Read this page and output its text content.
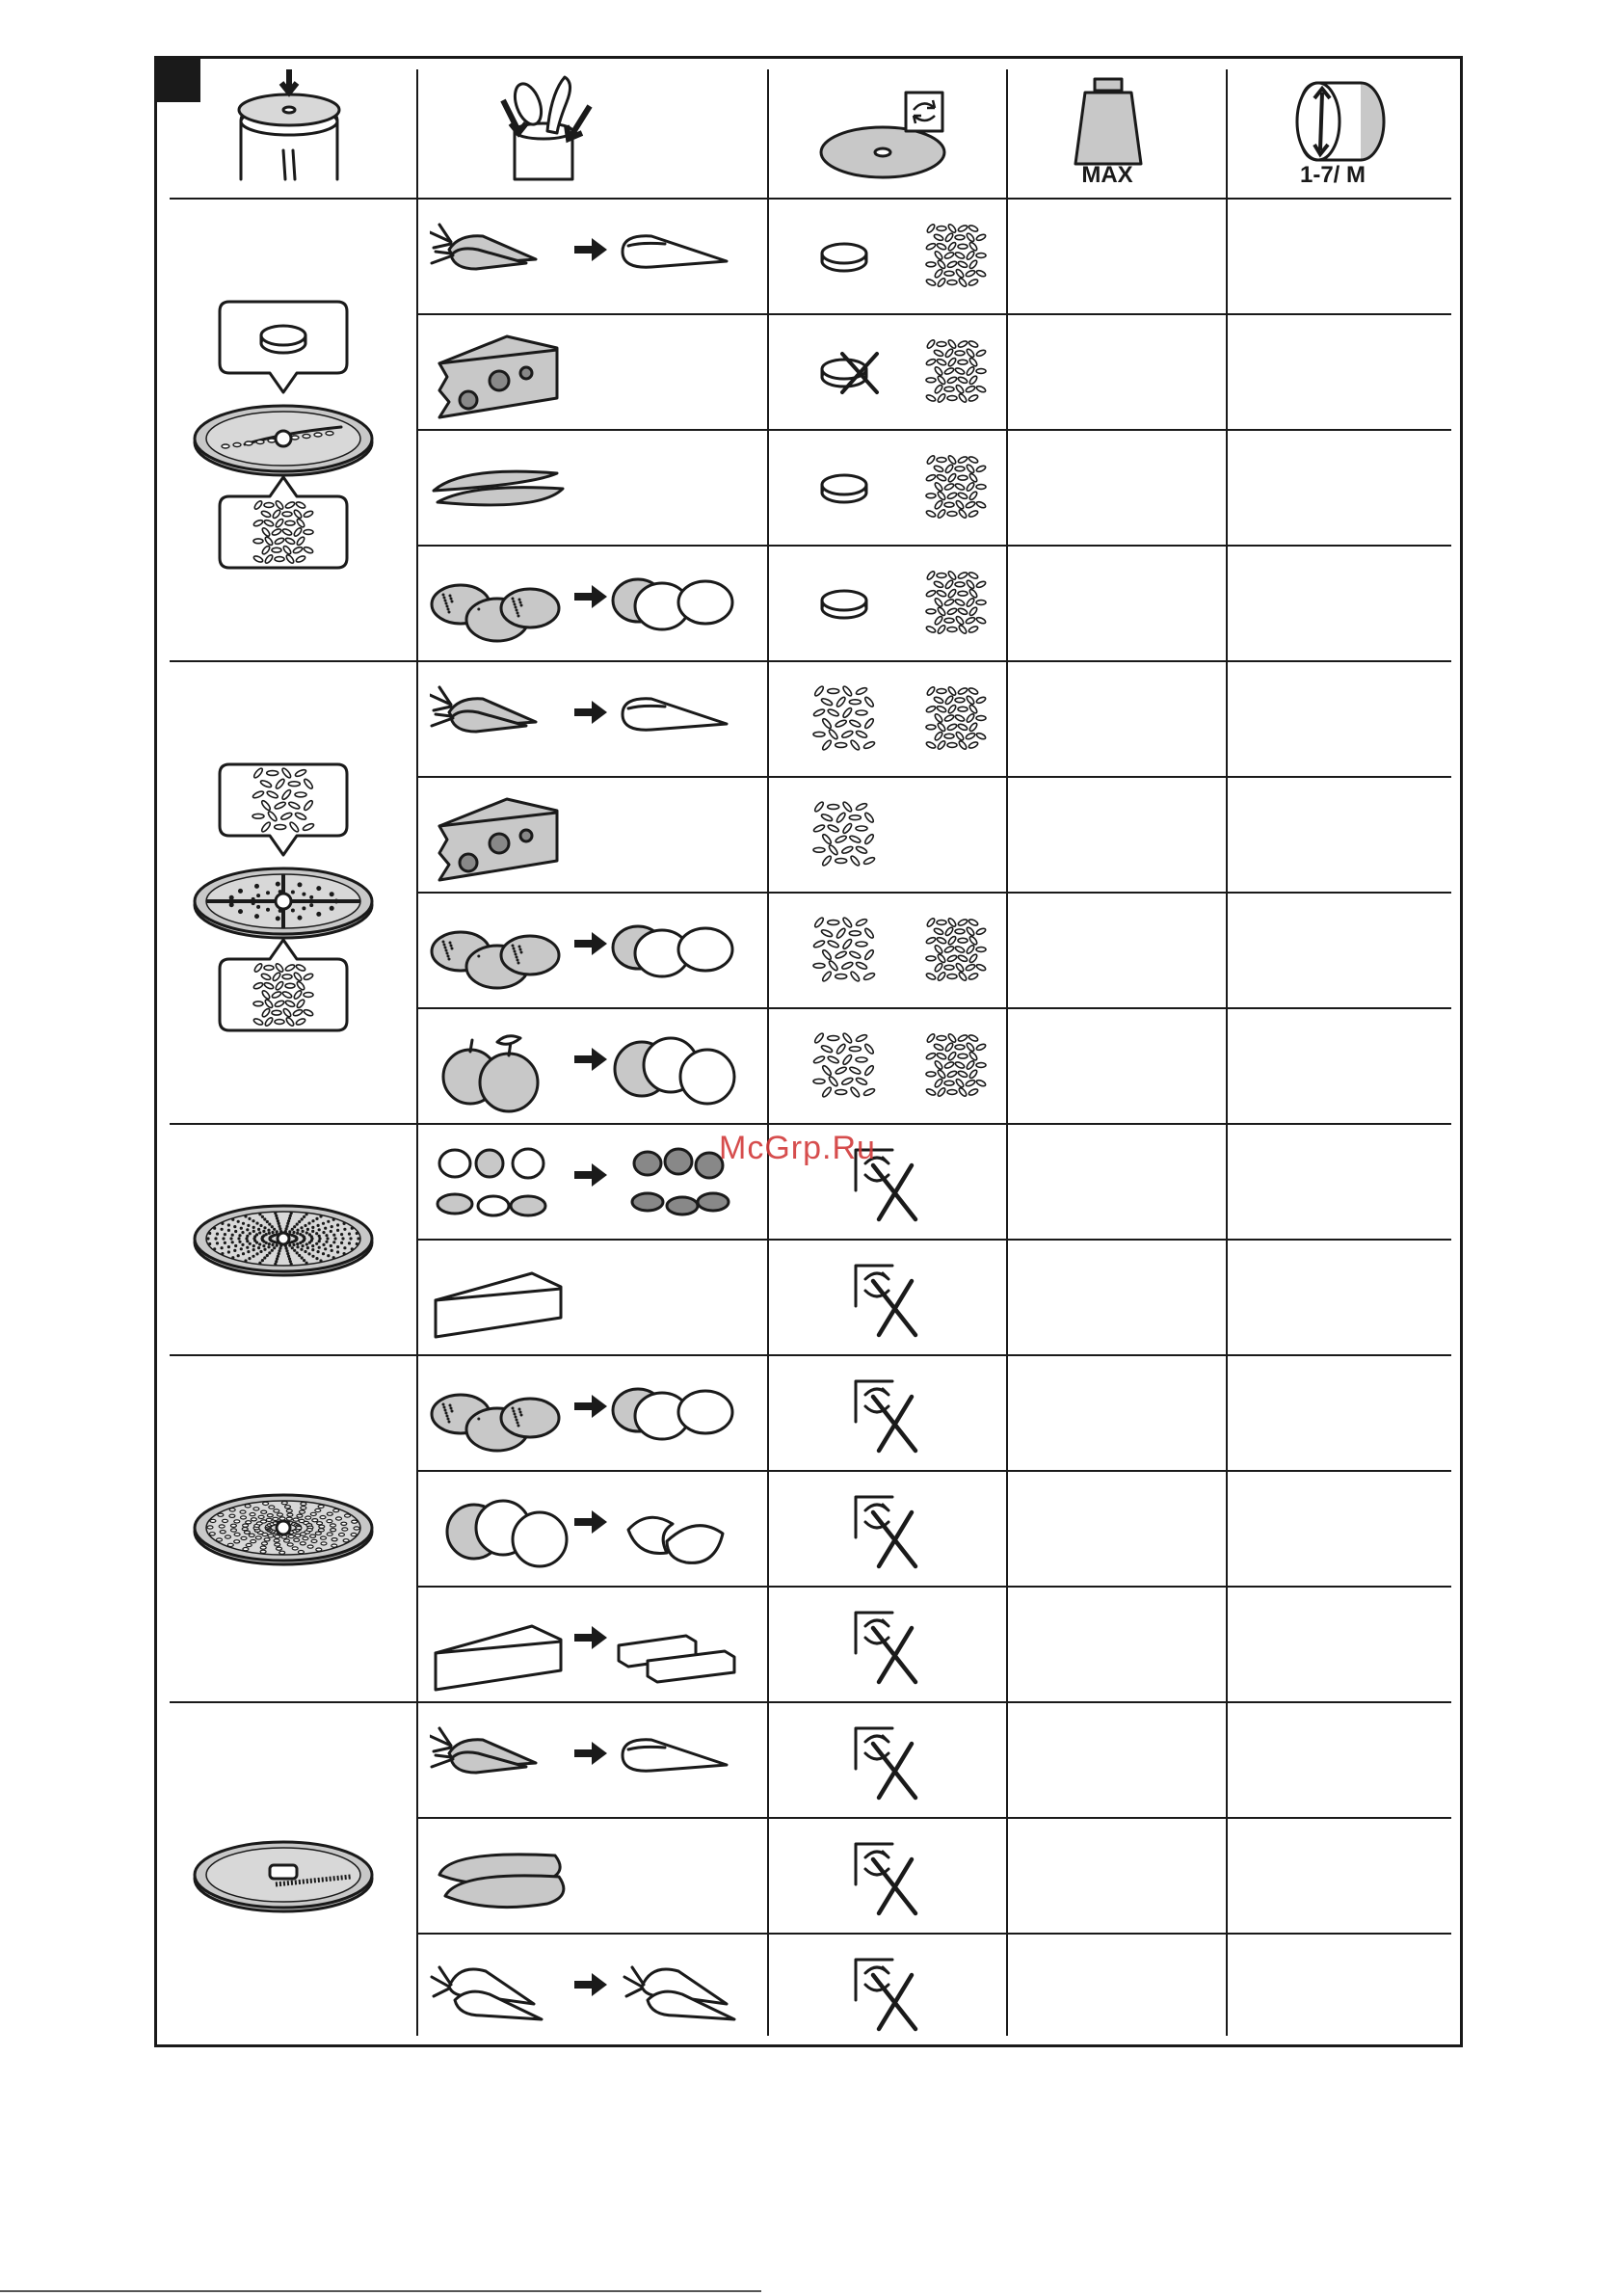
MAX	1-7/ M
McGrp.Ru
